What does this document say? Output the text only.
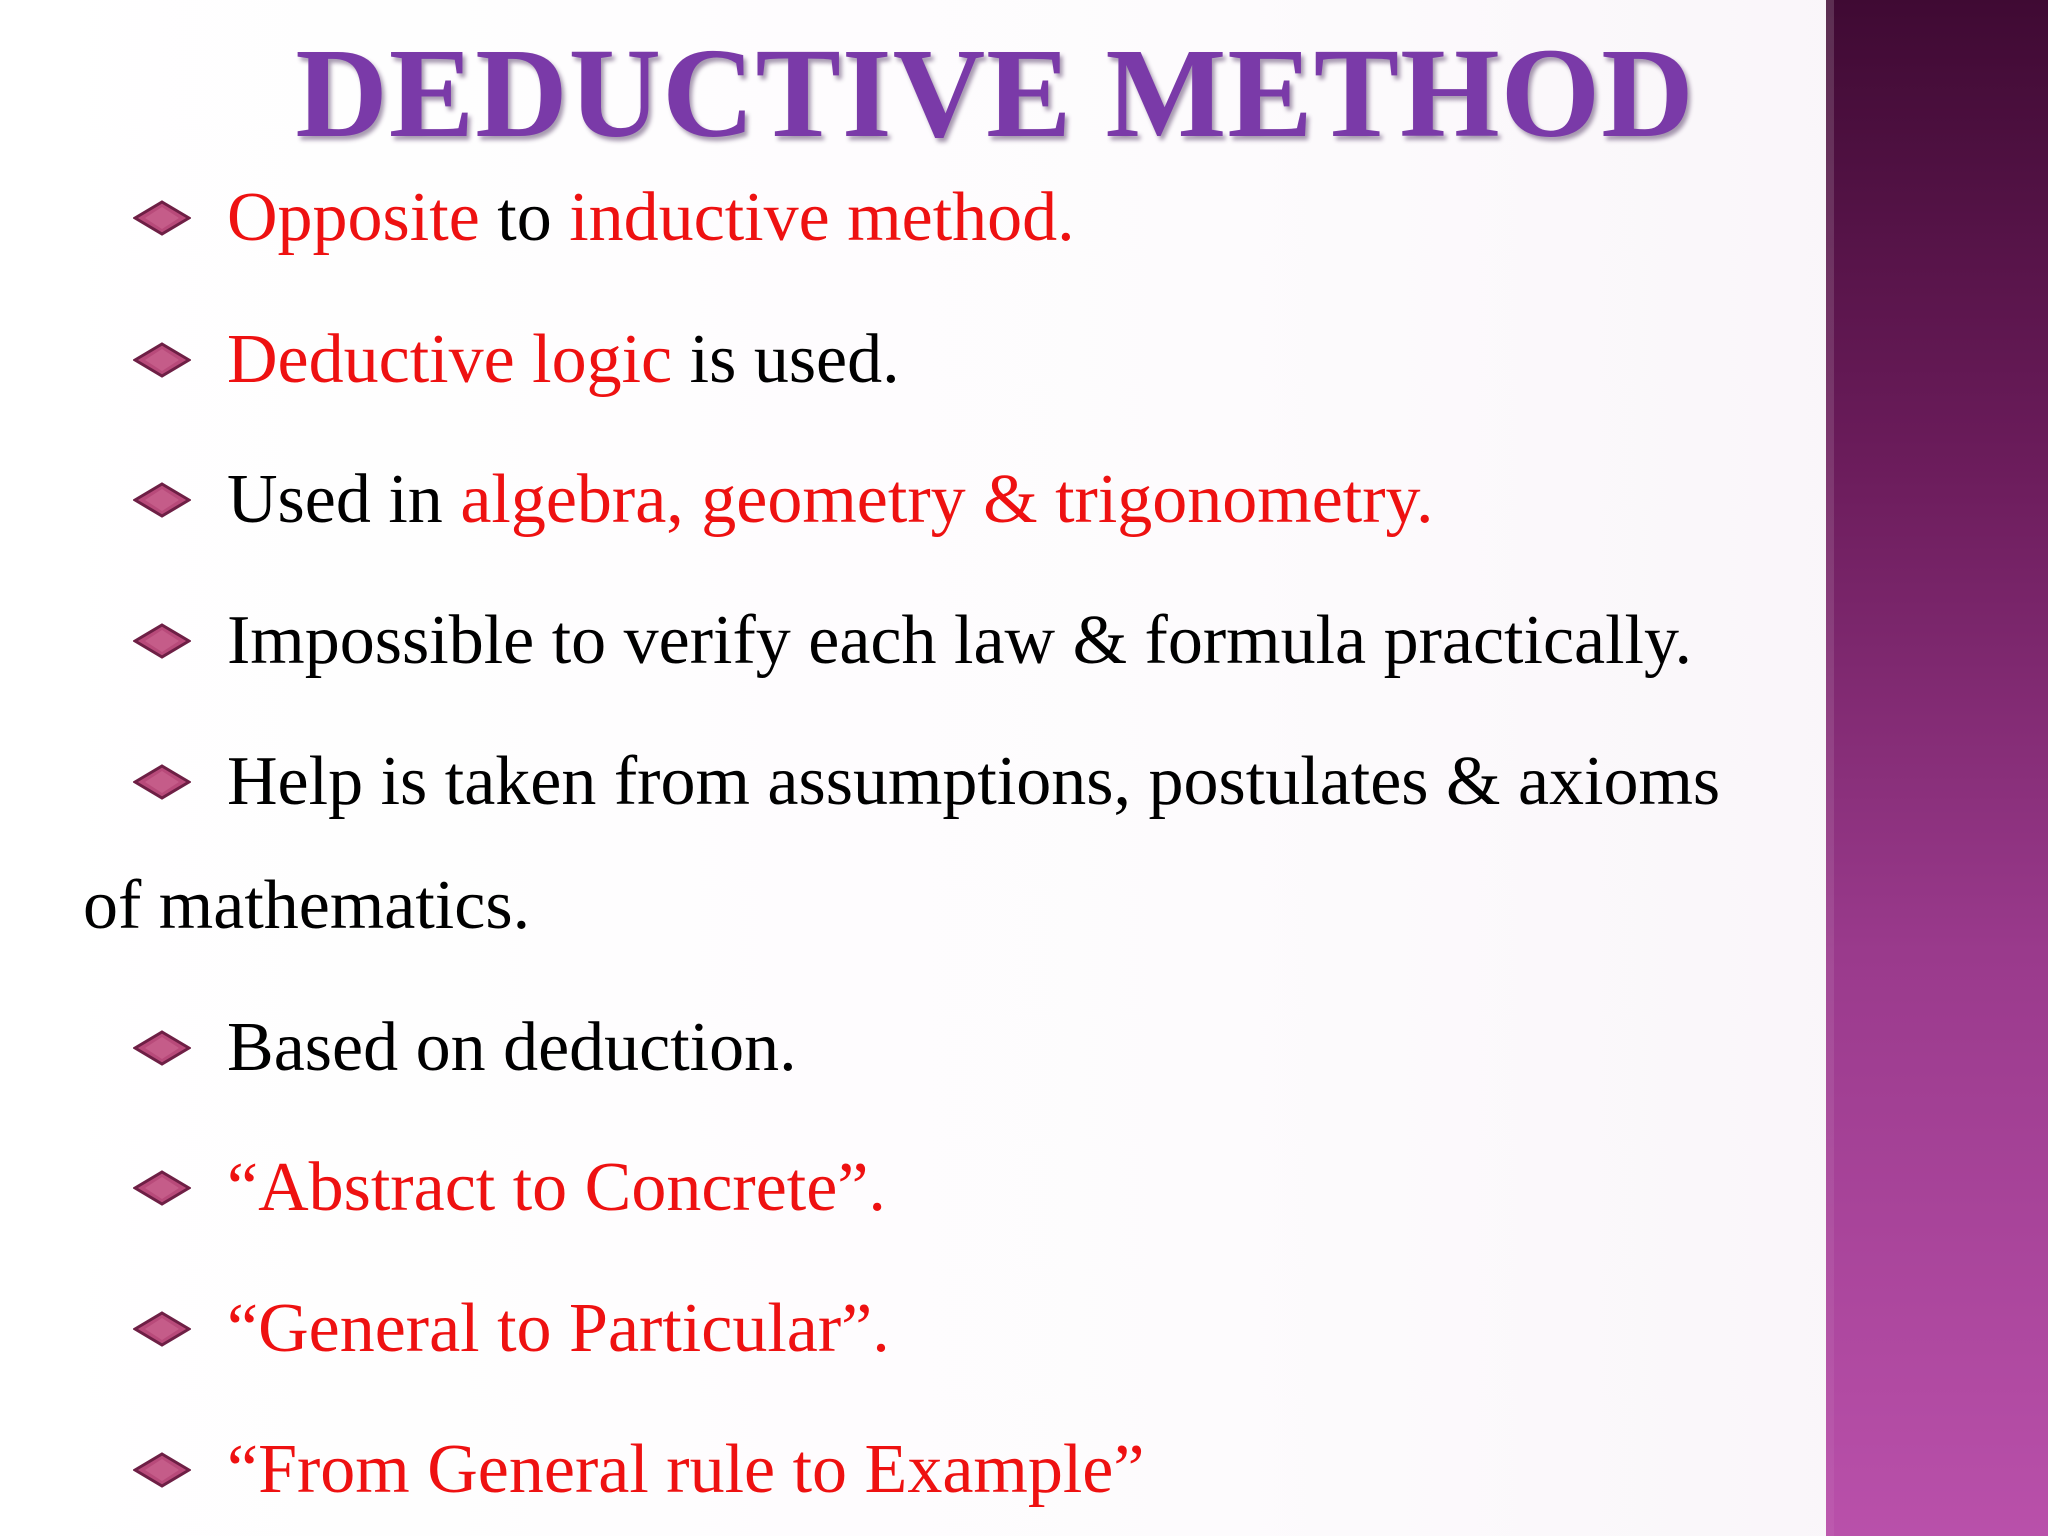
DEDUCTIVE METHOD
Opposite to inductive method.
Deductive logic is used.
Used in algebra, geometry & trigonometry.
Impossible to verify each law & formula practically.
Help is taken from assumptions, postulates & axioms
of mathematics.
Based on deduction.
“Abstract to Concrete”.
“General to Particular”.
“From General rule to Example”
